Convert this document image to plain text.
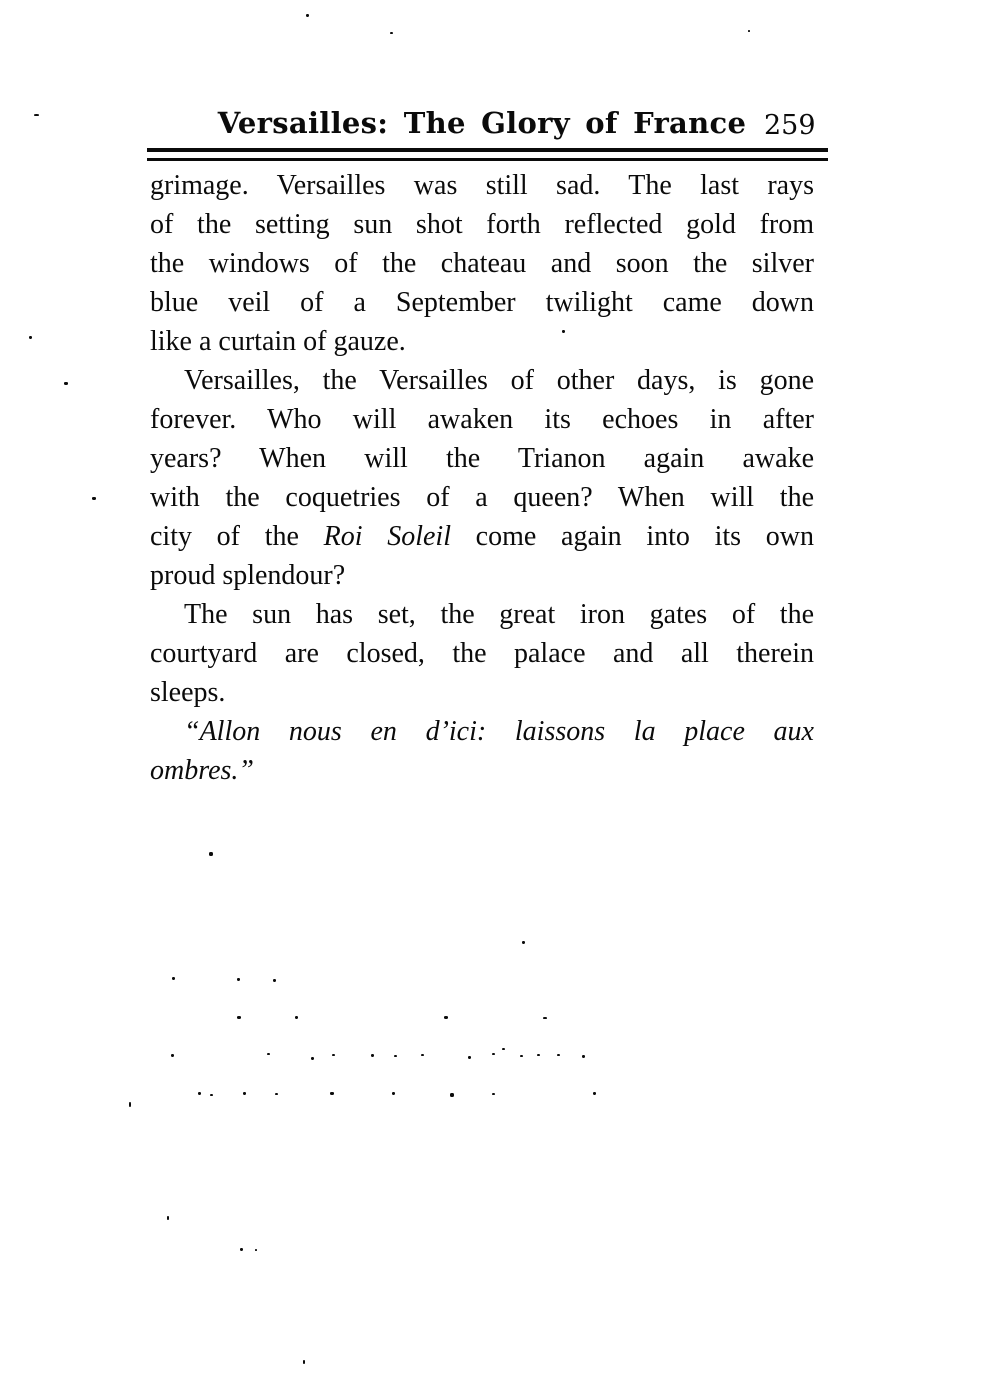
Versailles: The Glory of France 259
grimage. Versailles was still sad. The last rays
of the setting sun shot forth reflected gold from
the windows of the chateau and soon the silver
blue veil of a September twilight came down
like a curtain of gauze.
Versailles, the Versailles of other days, is gone
forever. Who will awaken its echoes in after
years? When will the Trianon again awake
with the coquetries of a queen? When will the
city of the Roi Soleil come again into its own
proud splendour?
The sun has set, the great iron gates of the
courtyard are closed, the palace and all therein
sleeps.
“Allon nous en d’ici: laissons la place aux
ombres.”
